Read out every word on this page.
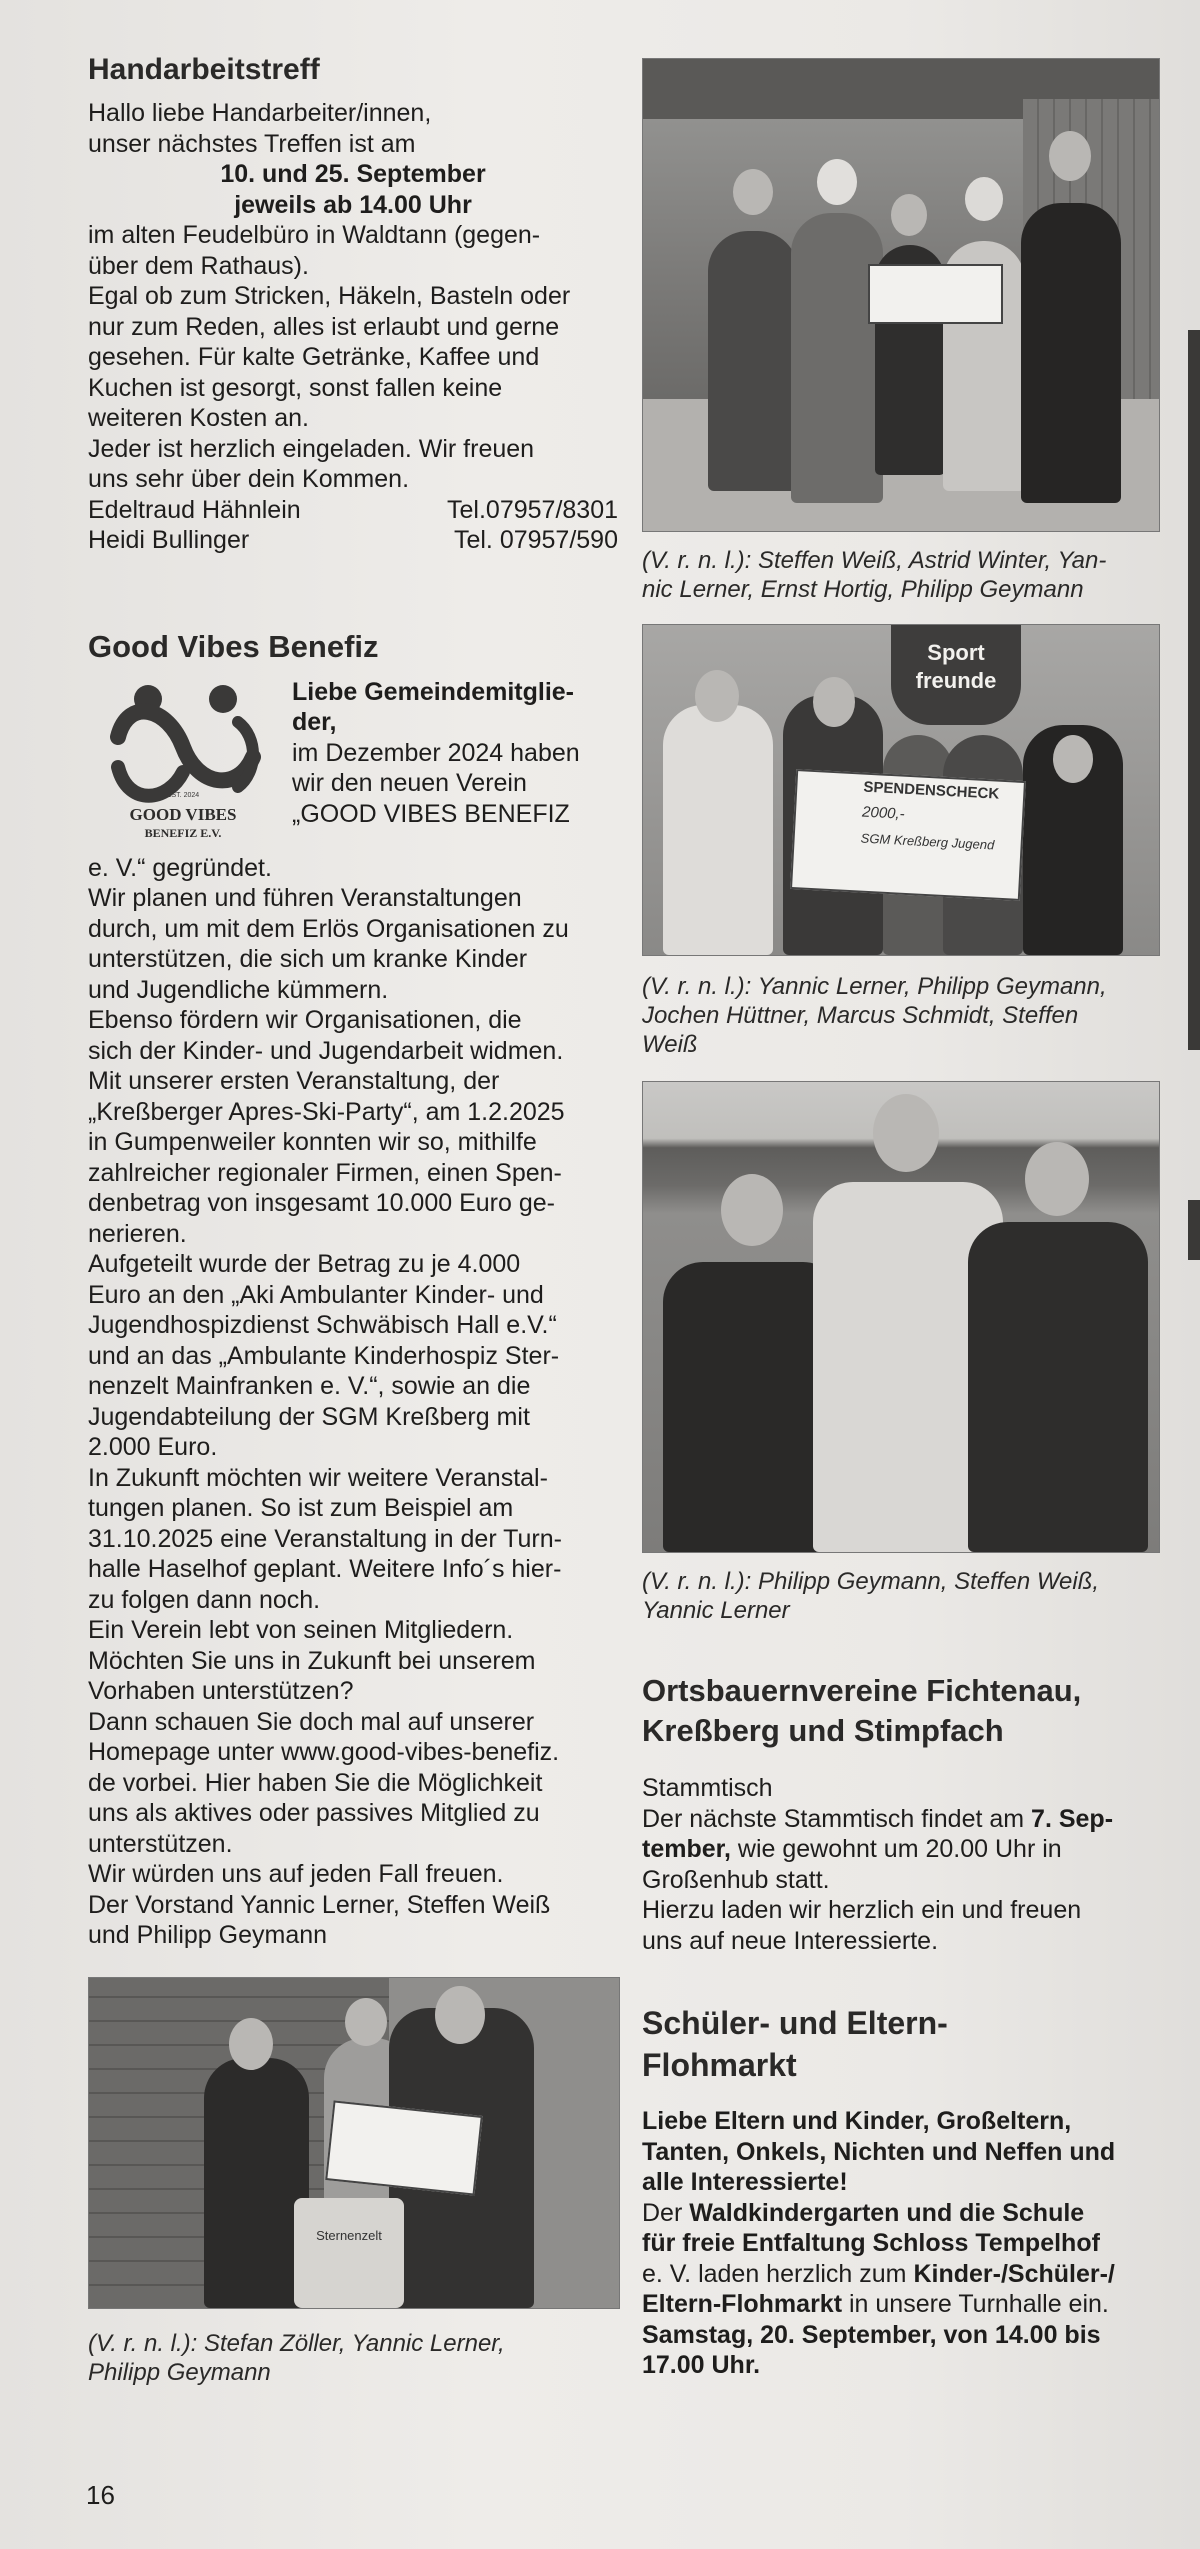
Handarbeitstreff

Hallo liebe Handarbeiter/innen,

unser nächstes Treffen ist am

10. und 25. September

jeweils ab 14.00 Uhr

im alten Feudelbüro in Waldtann (gegen-

über dem Rathaus).

Egal ob zum Stricken, Häkeln, Basteln oder

nur zum Reden, alles ist erlaubt und gerne

gesehen. Für kalte Getränke, Kaffee und

Kuchen ist gesorgt, sonst fallen keine

weiteren Kosten an.

Jeder ist herzlich eingeladen. Wir freuen

uns sehr über dein Kommen.

Edeltraud Hähnlein	Tel.07957/8301
Heidi Bullinger	Tel. 07957/590
Good Vibes Benefiz
EST. 2024
GOOD VIBES
BENEFIZ E.V.

Liebe Gemeindemitglie-

der,

im Dezember 2024 haben

wir den neuen Verein

„GOOD VIBES BENEFIZ

e. V.“ gegründet.

Wir planen und führen Veranstaltungen

durch, um mit dem Erlös Organisationen zu

unterstützen, die sich um kranke Kinder

und Jugendliche kümmern.

Ebenso fördern wir Organisationen, die

sich der Kinder- und Jugendarbeit widmen.

Mit unserer ersten Veranstaltung, der

„Kreßberger Apres-Ski-Party“, am 1.2.2025

in Gumpenweiler konnten wir so, mithilfe

zahlreicher regionaler Firmen, einen Spen-

denbetrag von insgesamt 10.000 Euro ge-

nerieren.

Aufgeteilt wurde der Betrag zu je 4.000

Euro an den „Aki Ambulanter Kinder- und

Jugendhospizdienst Schwäbisch Hall e.V.“

und an das „Ambulante Kinderhospiz Ster-

nenzelt Mainfranken e. V.“, sowie an die

Jugendabteilung der SGM Kreßberg mit

2.000 Euro.

In Zukunft möchten wir weitere Veranstal-

tungen planen. So ist zum Beispiel am

31.10.2025 eine Veranstaltung in der Turn-

halle Haselhof geplant. Weitere Info´s hier-

zu folgen dann noch.

Ein Verein lebt von seinen Mitgliedern.

Möchten Sie uns in Zukunft bei unserem

Vorhaben unterstützen?

Dann schauen Sie doch mal auf unserer

Homepage unter www.good-vibes-benefiz.

de vorbei. Hier haben Sie die Möglichkeit

uns als aktives oder passives Mitglied zu

unterstützen.

Wir würden uns auf jeden Fall freuen.

Der Vorstand Yannic Lerner, Steffen Weiß

und Philipp Geymann

Sternenzelt

(V. r. n. l.): Stefan Zöller, Yannic Lerner,

Philipp Geymann

(V. r. n. l.): Steffen Weiß, Astrid Winter, Yan-

nic Lerner, Ernst Hortig, Philipp Geymann

Sport
freunde
SPENDENSCHECK
2000,-
SGM Kreßberg Jugend

(V. r. n. l.): Yannic Lerner, Philipp Geymann,

Jochen Hüttner, Marcus Schmidt, Steffen

Weiß

(V. r. n. l.): Philipp Geymann, Steffen Weiß,

Yannic Lerner

Ortsbauernvereine Fichtenau,
Kreßberg und Stimpfach

Stammtisch

Der nächste Stammtisch findet am 7. Sep-

tember, wie gewohnt um 20.00 Uhr in

Großenhub statt.

Hierzu laden wir herzlich ein und freuen

uns auf neue Interessierte.

Schüler- und Eltern-
Flohmarkt

Liebe Eltern und Kinder, Großeltern,

Tanten, Onkels, Nichten und Neffen und

alle Interessierte!

Der Waldkindergarten und die Schule

für freie Entfaltung Schloss Tempelhof

e. V. laden herzlich zum Kinder-/Schüler-/

Eltern-Flohmarkt in unsere Turnhalle ein.

Samstag, 20. September, von 14.00 bis

17.00 Uhr.

16
